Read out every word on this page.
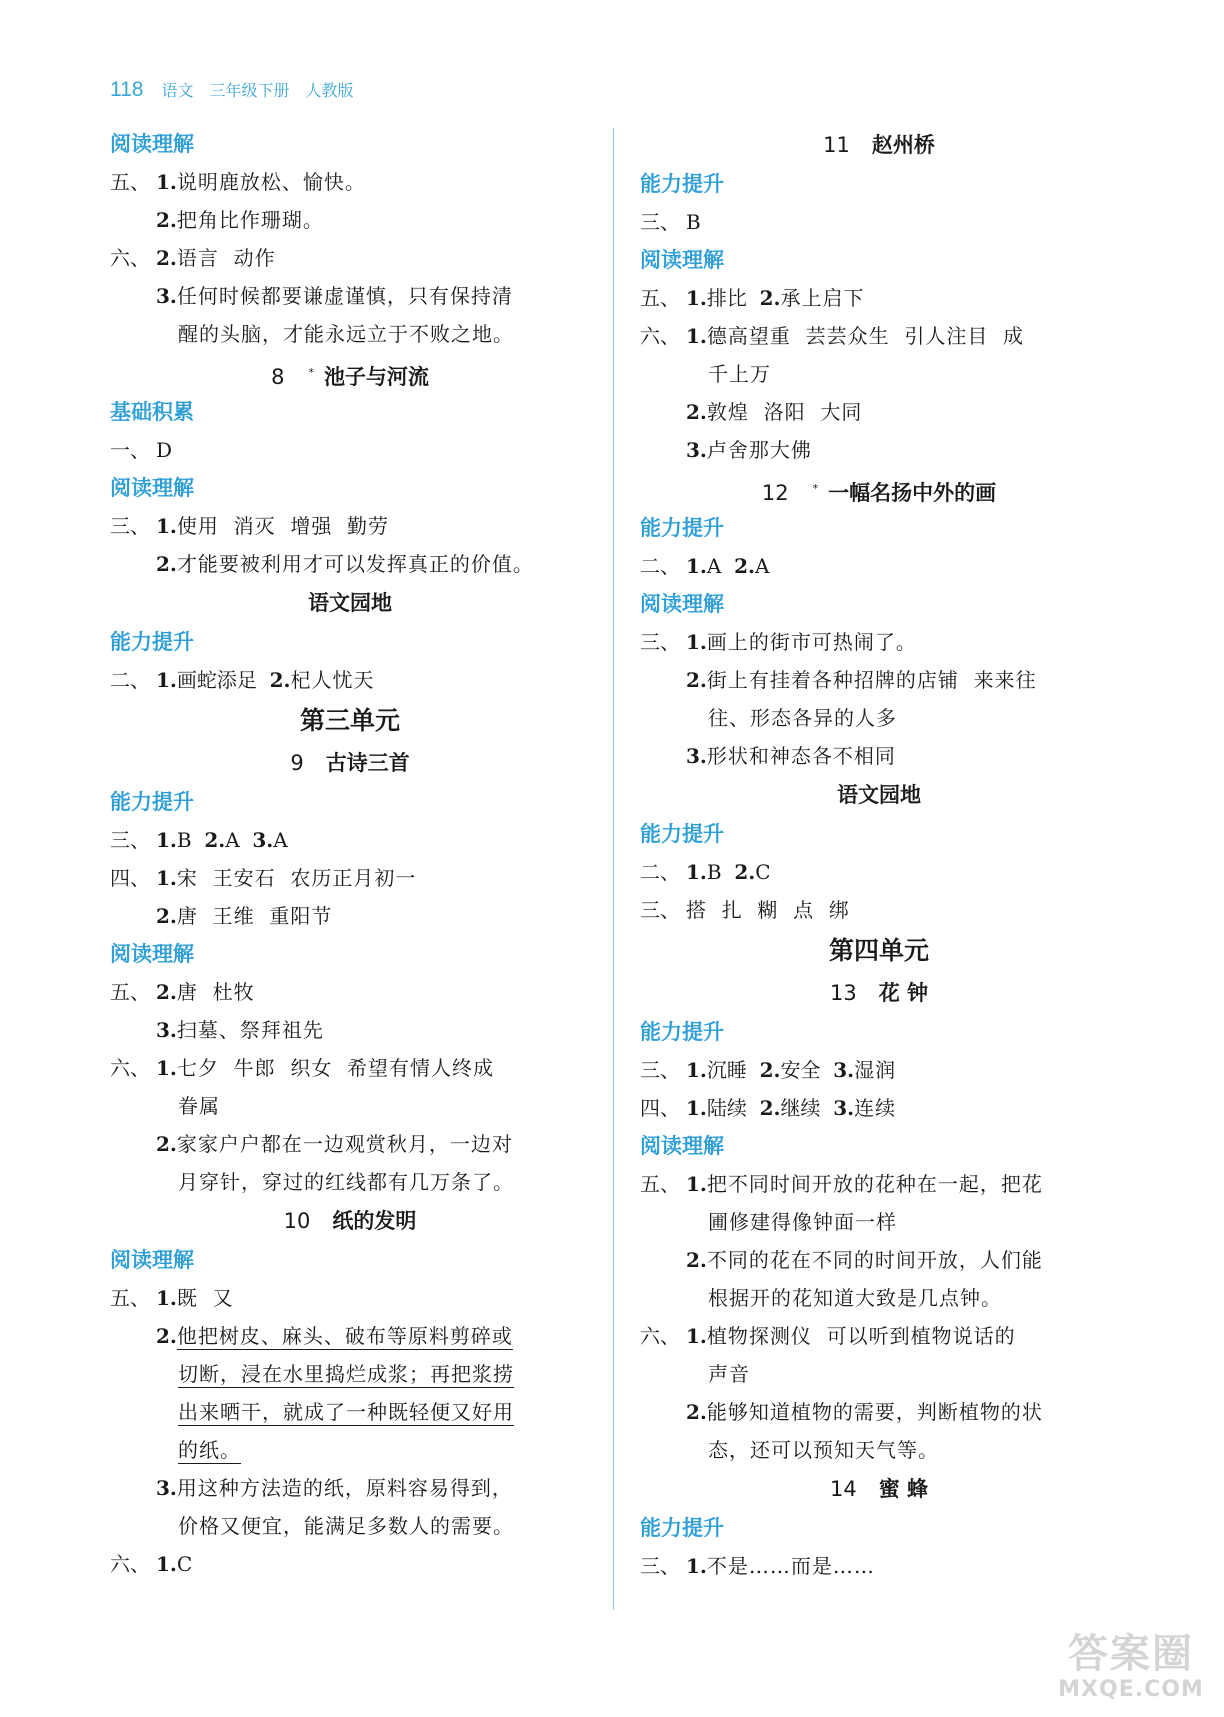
118 语文 三年级下册 人教版
阅读理解
五、 1. 说明鹿放松、愉快。
2. 把角比作珊瑚。
六、 2. 语言  动作
3. 任何时候都要谦虚谨慎，只有保持清
醒的头脑，才能永远立于不败之地。
8 * 池子与河流
基础积累
一、 D
阅读理解
三、 1. 使用  消灭  增强  勤劳
2. 才能要被利用才可以发挥真正的价值。
语文园地
能力提升
二、 1. 画蛇添足 2. 杞人忧天
第三单元
9 古诗三首
能力提升
三、 1. B 2. A 3. A
四、 1. 宋  王安石  农历正月初一
2. 唐  王维  重阳节
阅读理解
五、 2. 唐  杜牧
3. 扫墓、祭拜祖先
六、 1. 七夕  牛郎  织女  希望有情人终成
眷属
2. 家家户户都在一边观赏秋月，一边对
月穿针，穿过的红线都有几万条了。
10 纸的发明
阅读理解
五、 1. 既  又
2. 他把树皮、麻头、破布等原料剪碎或
切断，浸在水里捣烂成浆；再把浆捞
出来晒干，就成了一种既轻便又好用
的纸。
3. 用这种方法造的纸，原料容易得到，
价格又便宜，能满足多数人的需要。
六、 1. C
11 赵州桥
能力提升
三、 B
阅读理解
五、 1. 排比 2. 承上启下
六、 1. 德高望重  芸芸众生  引人注目  成
千上万
2. 敦煌  洛阳  大同
3. 卢舍那大佛
12 * 一幅名扬中外的画
能力提升
二、 1. A 2. A
阅读理解
三、 1. 画上的街市可热闹了。
2. 街上有挂着各种招牌的店铺  来来往
往、形态各异的人多
3. 形状和神态各不相同
语文园地
能力提升
二、 1. B 2. C
三、 搭  扎  糊  点  绑
第四单元
13 花 钟
能力提升
三、 1. 沉睡 2. 安全 3. 湿润
四、 1. 陆续 2. 继续 3. 连续
阅读理解
五、 1. 把不同时间开放的花种在一起，把花
圃修建得像钟面一样
2. 不同的花在不同的时间开放，人们能
根据开的花知道大致是几点钟。
六、 1. 植物探测仪  可以听到植物说话的
声音
2. 能够知道植物的需要，判断植物的状
态，还可以预知天气等。
14 蜜 蜂
能力提升
三、 1. 不是……而是……
答案圈
MXQE.COM
